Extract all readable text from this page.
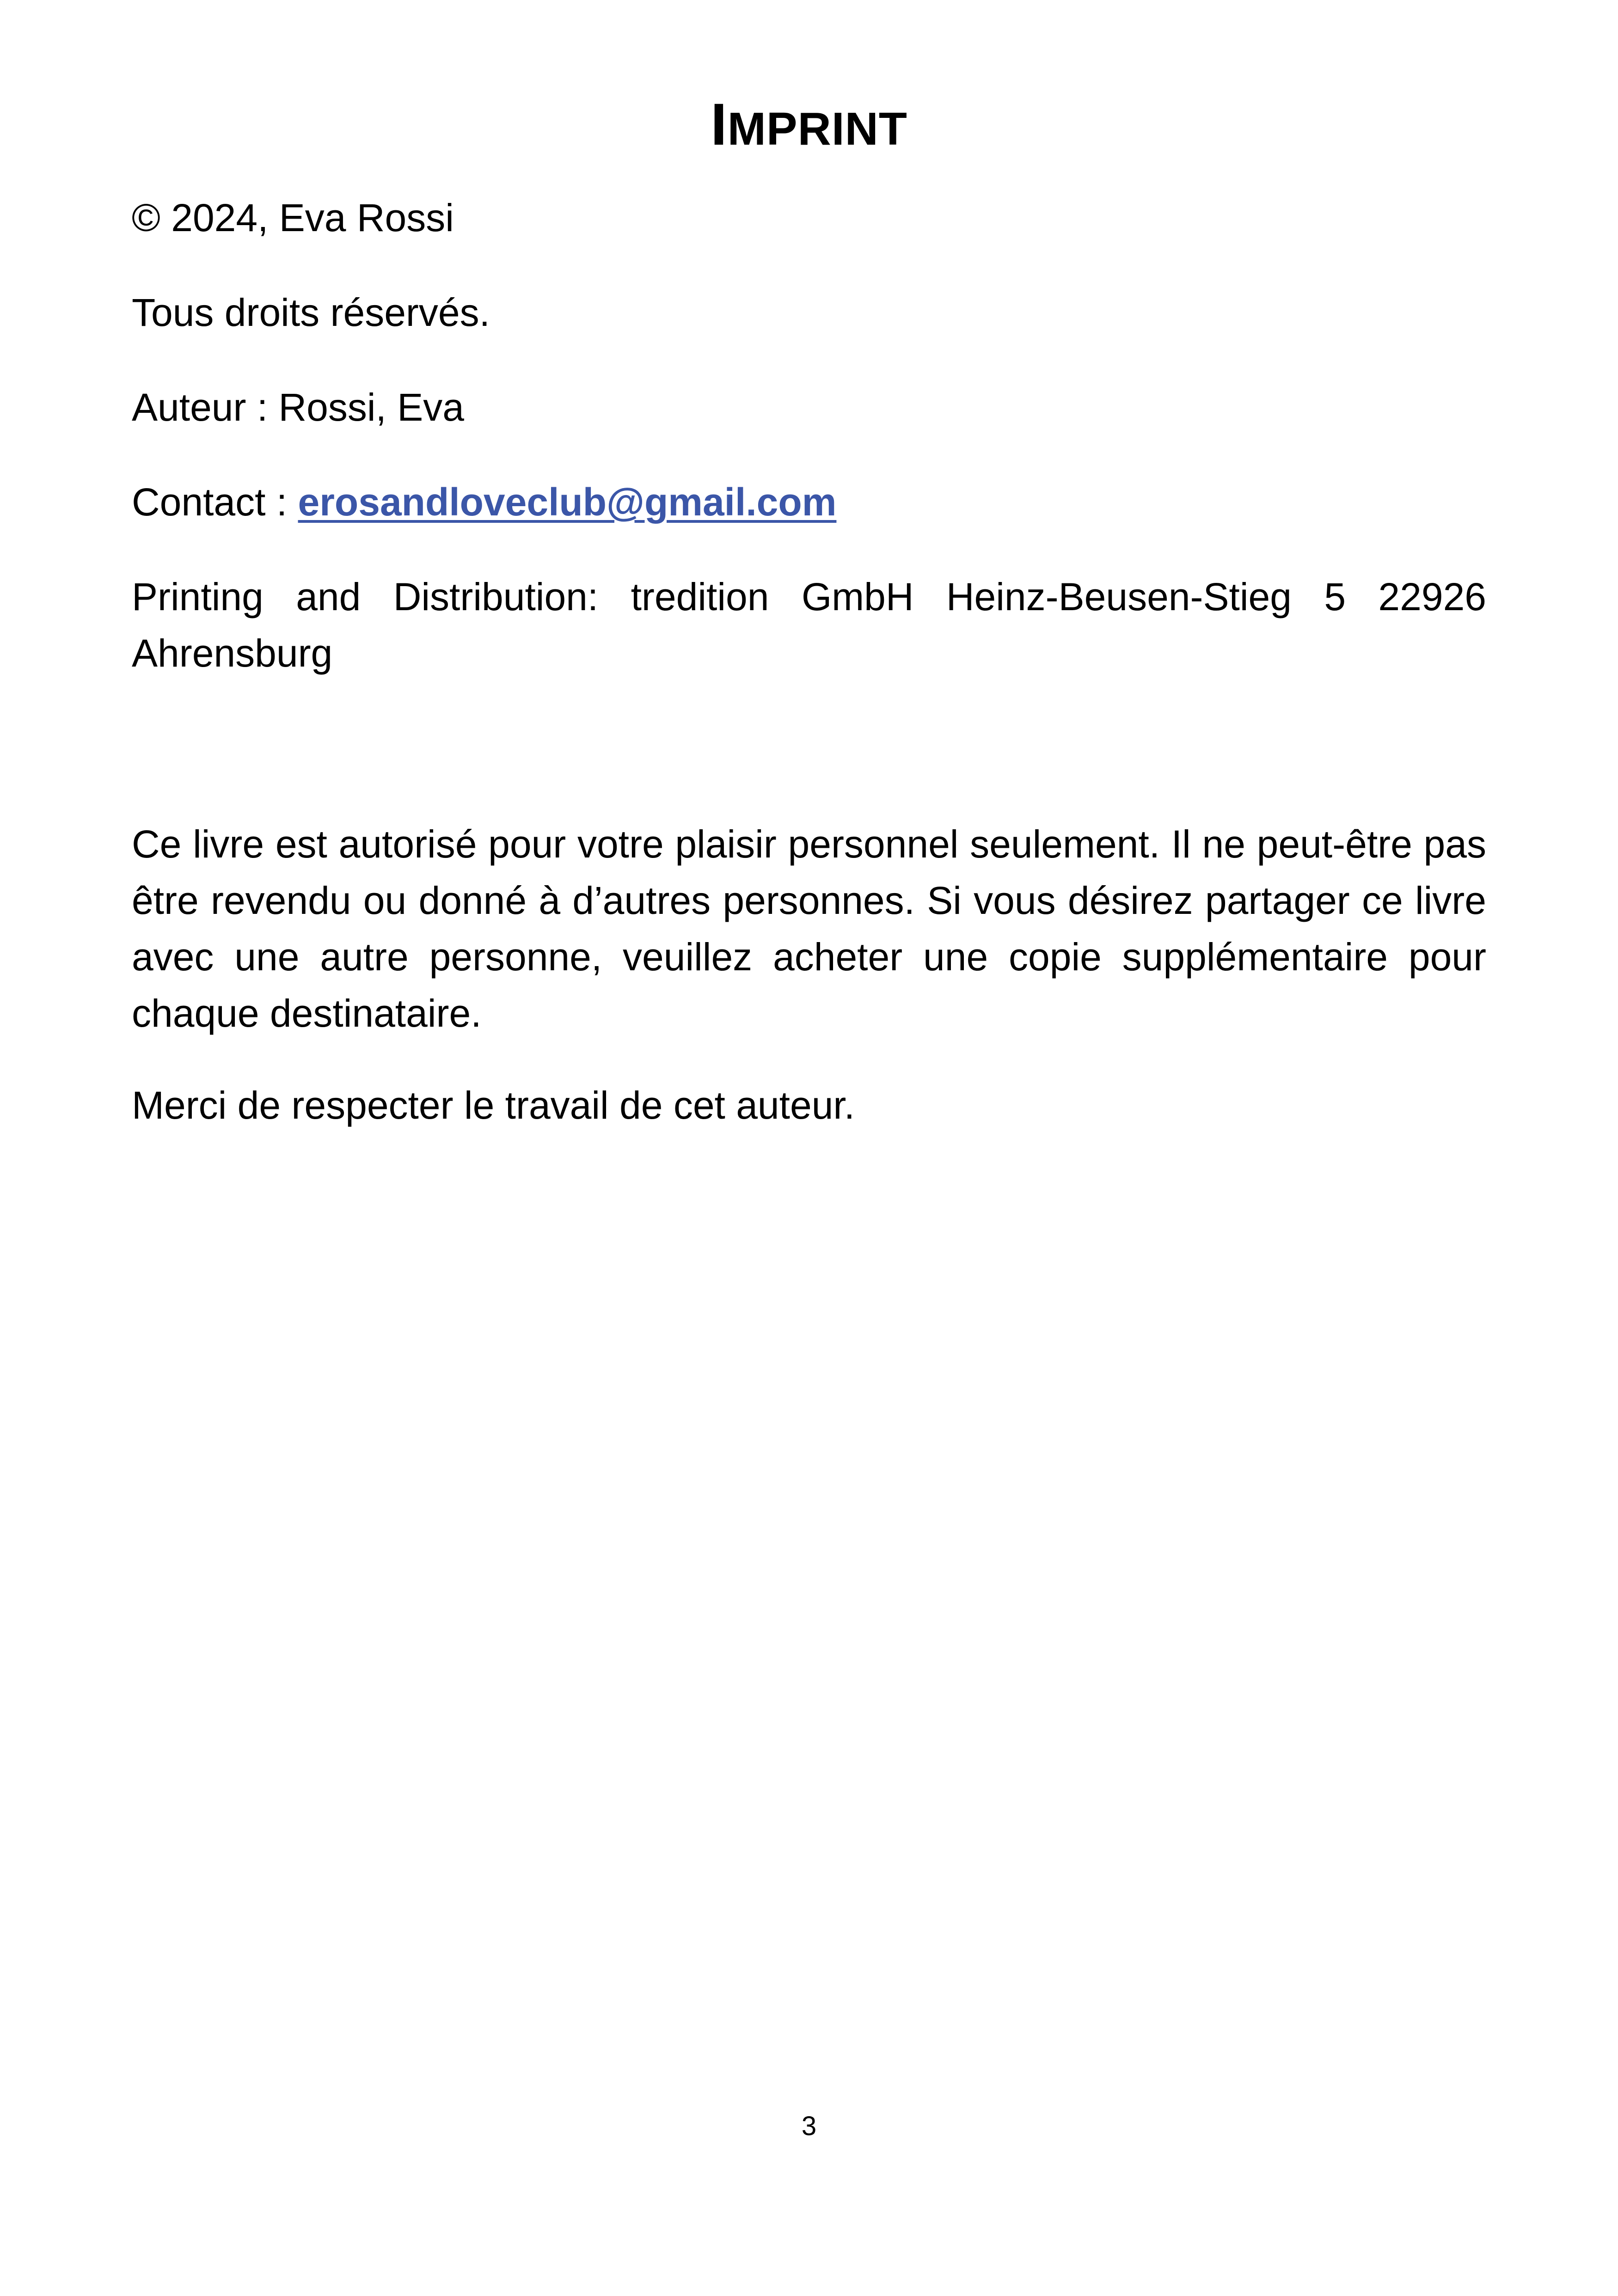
IMPRINT

© 2024, Eva Rossi

Tous droits réservés.

Auteur : Rossi, Eva

Contact : erosandloveclub@gmail.com

Printing and Distribution: tredition GmbH Heinz-Beusen-Stieg 5 22926 Ahrensburg

Ce livre est autorisé pour votre plaisir personnel seulement. Il ne peut-être pas être revendu ou donné à d’autres personnes. Si vous désirez partager ce livre avec une autre personne, veuillez acheter une copie supplémentaire pour chaque destinataire.

Merci de respecter le travail de cet auteur.

3
